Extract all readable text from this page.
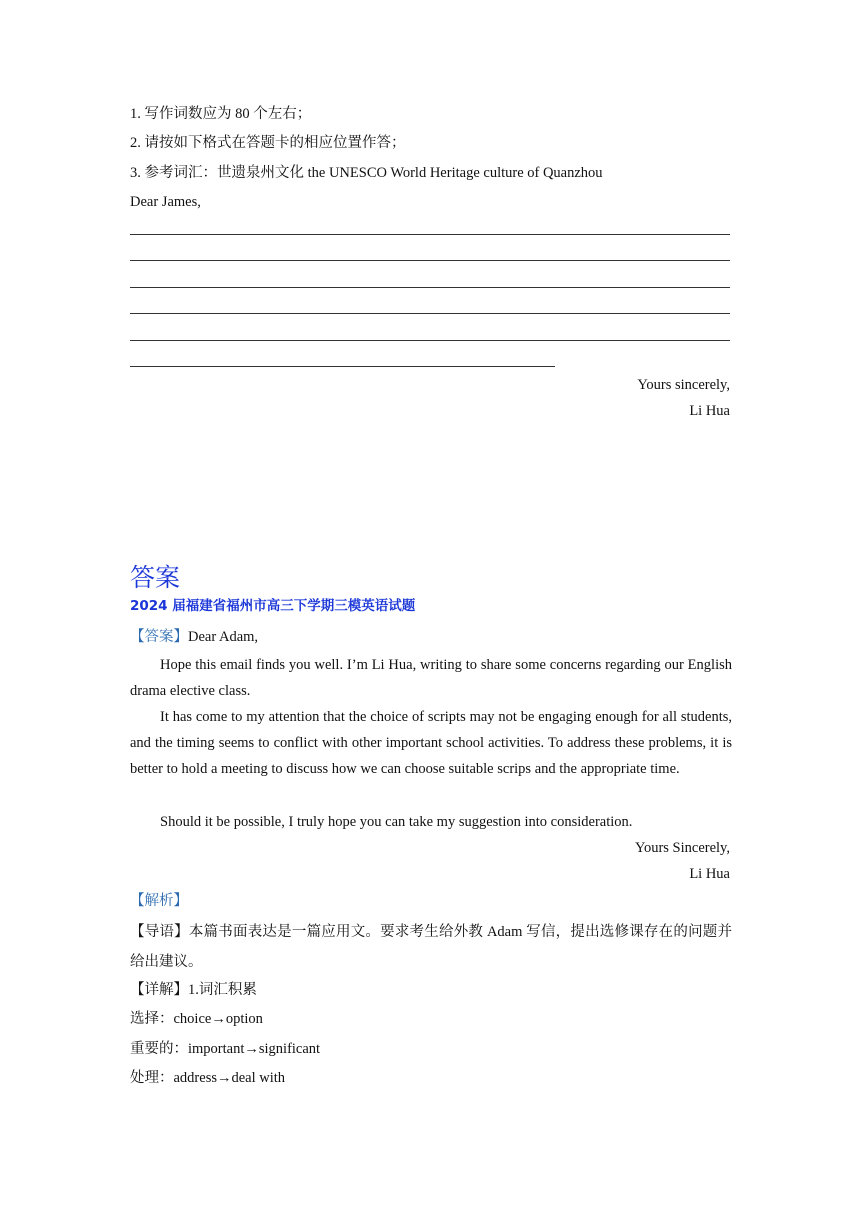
1. 写作词数应为 80 个左右；
2. 请按如下格式在答题卡的相应位置作答；
3. 参考词汇：世遗泉州文化 the UNESCO World Heritage culture of Quanzhou
Dear James,
Yours sincerely,
Li Hua
答案
2024 届福建省福州市高三下学期三模英语试题
【答案】Dear Adam,
Hope this email finds you well. I’m Li Hua, writing to share some concerns regarding our English drama elective class.
It has come to my attention that the choice of scripts may not be engaging enough for all students, and the timing seems to conflict with other important school activities. To address these problems, it is better to hold a meeting to discuss how we can choose suitable scrips and the appropriate time.
Should it be possible, I truly hope you can take my suggestion into consideration.
Yours Sincerely,
Li Hua
【解析】
【导语】本篇书面表达是一篇应用文。要求考生给外教 Adam 写信，提出选修课存在的问题并给出建议。
【详解】1.词汇积累
选择：choice→option
重要的：important→significant
处理：address→deal with
